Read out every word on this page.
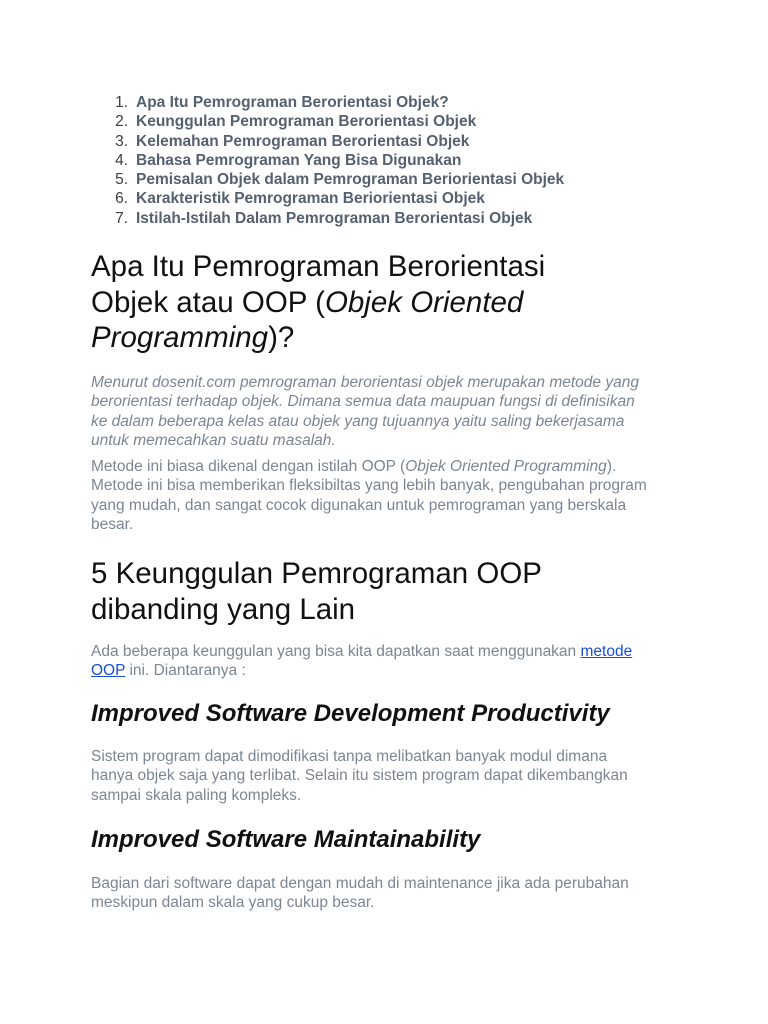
Apa Itu Pemrograman Berorientasi Objek?
Keunggulan Pemrograman Berorientasi Objek
Kelemahan Pemrograman Berorientasi Objek
Bahasa Pemrograman Yang Bisa Digunakan
Pemisalan Objek dalam Pemrograman Beriorientasi Objek
Karakteristik Pemrograman Beriorientasi Objek
Istilah-Istilah Dalam Pemrograman Berorientasi Objek
Apa Itu Pemrograman Berorientasi
Objek atau OOP (Objek Oriented
Programming)?

Menurut dosenit.com pemrograman berorientasi objek merupakan metode yang
berorientasi terhadap objek. Dimana semua data maupuan fungsi di definisikan
ke dalam beberapa kelas atau objek yang tujuannya yaitu saling bekerjasama
untuk memecahkan suatu masalah.

Metode ini biasa dikenal dengan istilah OOP (Objek Oriented Programming).
Metode ini bisa memberikan fleksibiltas yang lebih banyak, pengubahan program
yang mudah, dan sangat cocok digunakan untuk pemrograman yang berskala
besar.

5 Keunggulan Pemrograman OOP
dibanding yang Lain

Ada beberapa keunggulan yang bisa kita dapatkan saat menggunakan metode
OOP ini. Diantaranya :

Improved Software Development Productivity

Sistem program dapat dimodifikasi tanpa melibatkan banyak modul dimana
hanya objek saja yang terlibat. Selain itu sistem program dapat dikembangkan
sampai skala paling kompleks.

Improved Software Maintainability

Bagian dari software dapat dengan mudah di maintenance jika ada perubahan
meskipun dalam skala yang cukup besar.
